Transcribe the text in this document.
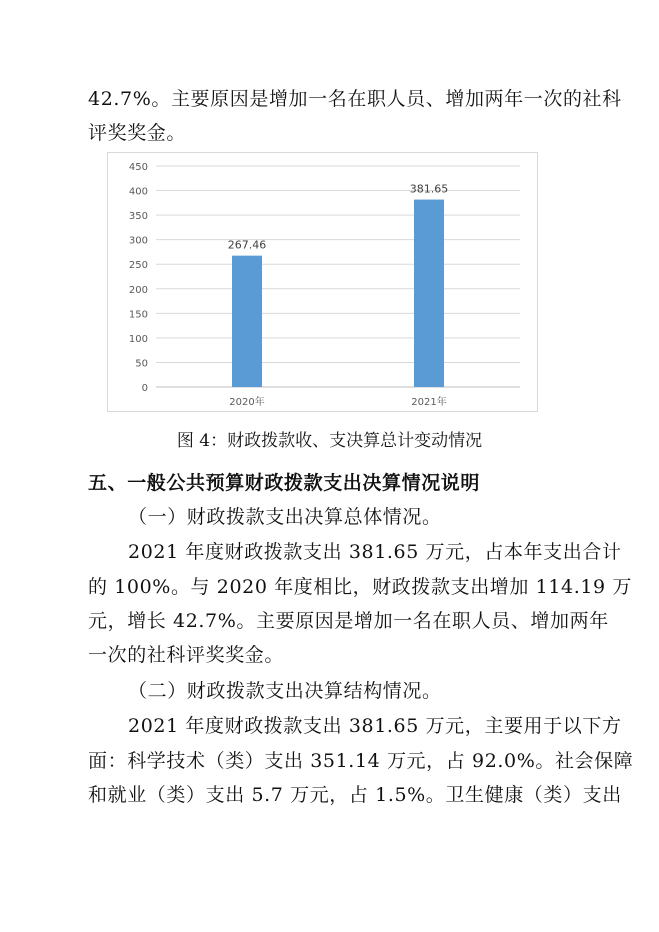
42.7%。主要原因是增加一名在职人员、增加两年一次的社科
评奖奖金。
0
50
100
150
200
250
300
350
400
450
267.46
381.65
2020年	2021年
图 4：财政拨款收、支决算总计变动情况
五、一般公共预算财政拨款支出决算情况说明
（一）财政拨款支出决算总体情况。
2021 年度财政拨款支出 381.65 万元，占本年支出合计
的 100%。与 2020 年度相比，财政拨款支出增加 114.19 万
元，增长 42.7%。主要原因是增加一名在职人员、增加两年
一次的社科评奖奖金。
（二）财政拨款支出决算结构情况。
2021 年度财政拨款支出 381.65 万元，主要用于以下方
面：科学技术（类）支出 351.14 万元，占 92.0%。社会保障
和就业（类）支出 5.7 万元，占 1.5%。卫生健康（类）支出
